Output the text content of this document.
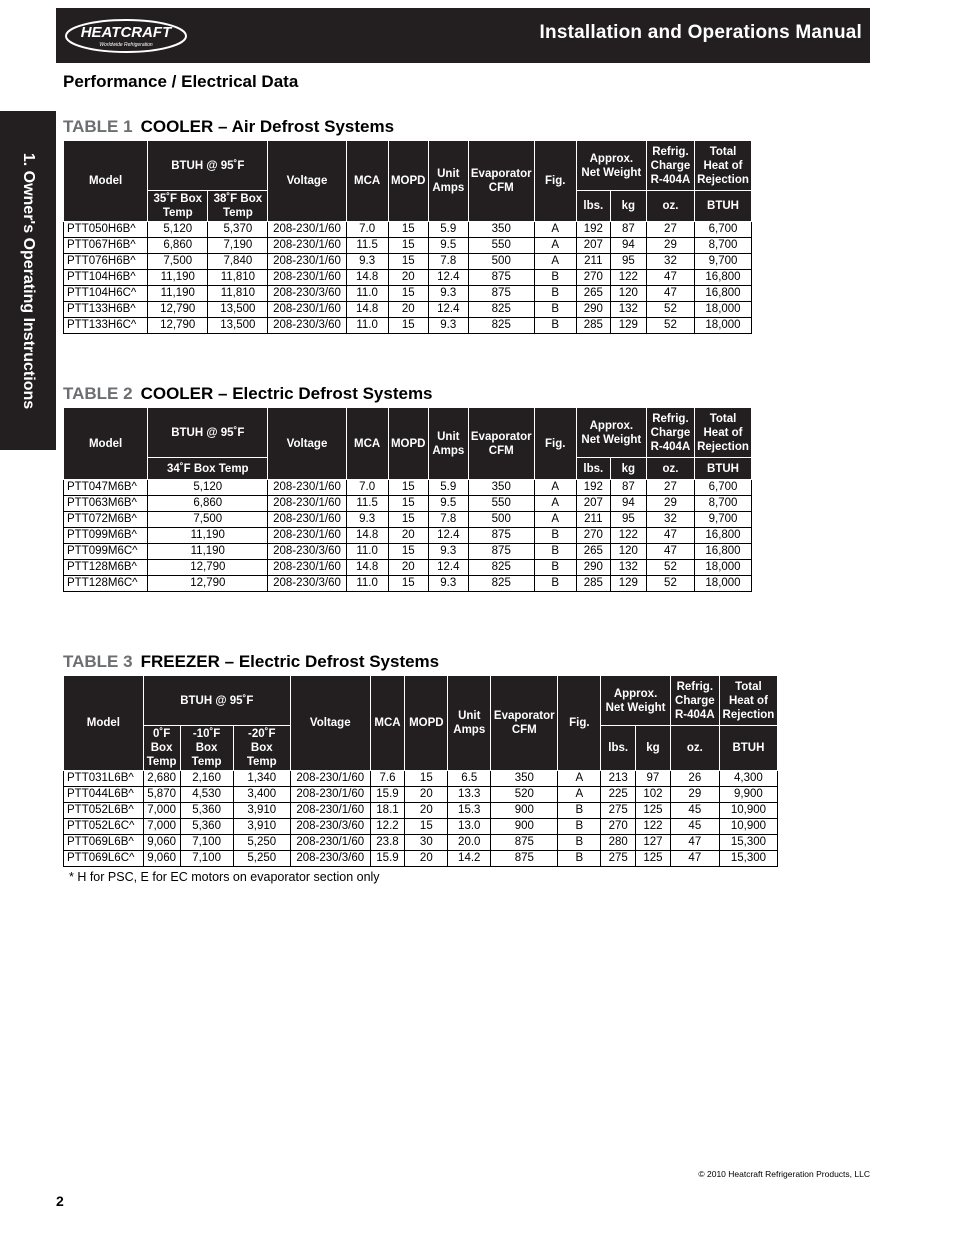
HEATCRAFT
Worldwide Refrigeration
Installation and Operations Manual
Performance / Electrical Data
1. Owner's Operating Instructions
TABLE 1 COOLER – Air Defrost Systems
Model	BTUH @ 95˚F		Voltage	MCA	MOPD	Unit Amps	Evaporator CFM	Fig.	Approx. Net Weight		Refrig. Charge R-404A	Total Heat of Rejection
	35˚F Box Temp	38˚F Box Temp							lbs.	kg	oz.	BTUH
PTT050H6B^	5,120	5,370	208-230/1/60	7.0	15	5.9	350	A	192	87	27	6,700
PTT067H6B^	6,860	7,190	208-230/1/60	11.5	15	9.5	550	A	207	94	29	8,700
PTT076H6B^	7,500	7,840	208-230/1/60	9.3	15	7.8	500	A	211	95	32	9,700
PTT104H6B^	11,190	11,810	208-230/1/60	14.8	20	12.4	875	B	270	122	47	16,800
PTT104H6C^	11,190	11,810	208-230/3/60	11.0	15	9.3	875	B	265	120	47	16,800
PTT133H6B^	12,790	13,500	208-230/1/60	14.8	20	12.4	825	B	290	132	52	18,000
PTT133H6C^	12,790	13,500	208-230/3/60	11.0	15	9.3	825	B	285	129	52	18,000
TABLE 2 COOLER – Electric Defrost Systems
Model	BTUH @ 95˚F	Voltage	MCA	MOPD	Unit Amps	Evaporator CFM	Fig.	Approx. Net Weight		Refrig. Charge R-404A	Total Heat of Rejection
	34˚F Box Temp							lbs.	kg	oz.	BTUH
PTT047M6B^	5,120	208-230/1/60	7.0	15	5.9	350	A	192	87	27	6,700
PTT063M6B^	6,860	208-230/1/60	11.5	15	9.5	550	A	207	94	29	8,700
PTT072M6B^	7,500	208-230/1/60	9.3	15	7.8	500	A	211	95	32	9,700
PTT099M6B^	11,190	208-230/1/60	14.8	20	12.4	875	B	270	122	47	16,800
PTT099M6C^	11,190	208-230/3/60	11.0	15	9.3	875	B	265	120	47	16,800
PTT128M6B^	12,790	208-230/1/60	14.8	20	12.4	825	B	290	132	52	18,000
PTT128M6C^	12,790	208-230/3/60	11.0	15	9.3	825	B	285	129	52	18,000
TABLE 3 FREEZER – Electric Defrost Systems
Model	BTUH @ 95˚F			Voltage	MCA	MOPD	Unit Amps	Evaporator CFM	Fig.	Approx. Net Weight		Refrig. Charge R-404A	Total Heat of Rejection
	0˚F Box Temp	-10˚F Box Temp	-20˚F Box Temp							lbs.	kg	oz.	BTUH
PTT031L6B^	2,680	2,160	1,340	208-230/1/60	7.6	15	6.5	350	A	213	97	26	4,300
PTT044L6B^	5,870	4,530	3,400	208-230/1/60	15.9	20	13.3	520	A	225	102	29	9,900
PTT052L6B^	7,000	5,360	3,910	208-230/1/60	18.1	20	15.3	900	B	275	125	45	10,900
PTT052L6C^	7,000	5,360	3,910	208-230/3/60	12.2	15	13.0	900	B	270	122	45	10,900
PTT069L6B^	9,060	7,100	5,250	208-230/1/60	23.8	30	20.0	875	B	280	127	47	15,300
PTT069L6C^	9,060	7,100	5,250	208-230/3/60	15.9	20	14.2	875	B	275	125	47	15,300
* H for PSC, E for EC motors on evaporator section only
© 2010 Heatcraft Refrigeration Products, LLC
2
